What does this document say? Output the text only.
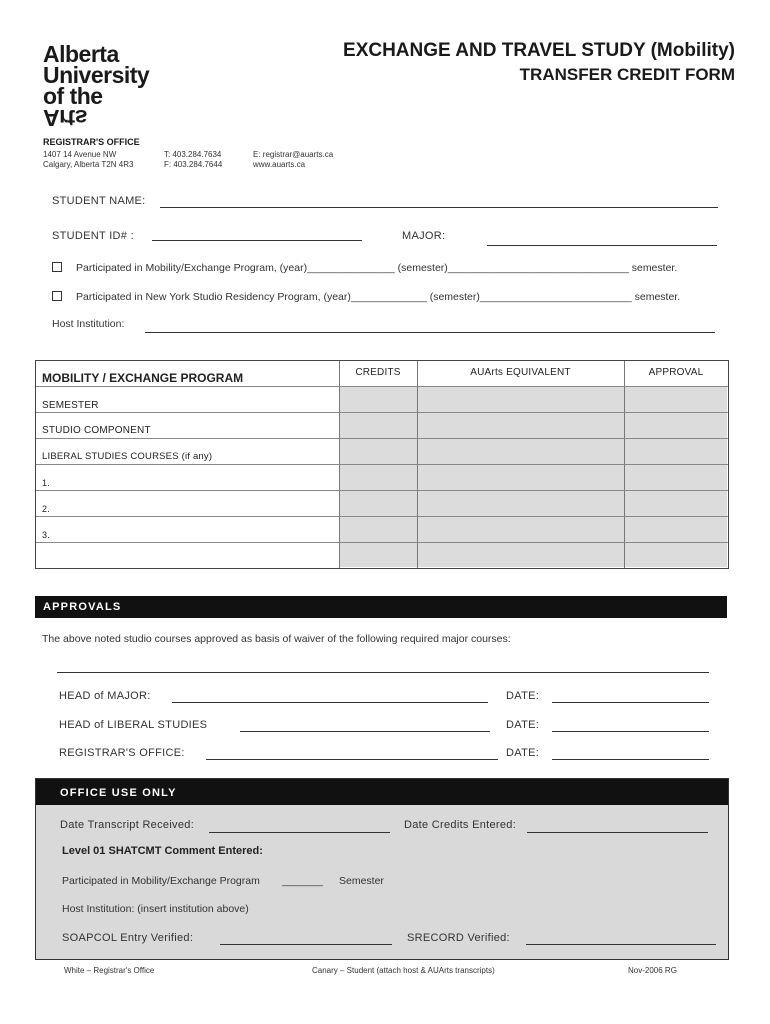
Alberta
University
of the
Arts
EXCHANGE AND TRAVEL STUDY (Mobility)
TRANSFER CREDIT FORM
REGISTRAR'S OFFICE
1407 14 Avenue NW
Calgary, Alberta T2N 4R3
T: 403.284.7634
F: 403.284.7644
E: registrar@auarts.ca
www.auarts.ca
STUDENT NAME:
STUDENT ID# :	MAJOR:
Participated in Mobility/Exchange Program, (year)_______________ (semester)_______________________________ semester.
Participated in New York Studio Residency Program, (year)_____________ (semester)__________________________ semester.
Host Institution:
MOBILITY / EXCHANGE PROGRAM	CREDITS	AUArts EQUIVALENT	APPROVAL
SEMESTER
STUDIO COMPONENT
LIBERAL STUDIES COURSES (if any)
1.
2.
3.
APPROVALS
The above noted studio courses approved as basis of waiver of the following required major courses:
HEAD of MAJOR:	DATE:
HEAD of LIBERAL STUDIES	DATE:
REGISTRAR'S OFFICE:	DATE:
OFFICE USE ONLY
Date Transcript Received:	Date Credits Entered:
Level 01 SHATCMT Comment Entered:
Participated in Mobility/Exchange Program _______ Semester
Host Institution: (insert institution above)
SOAPCOL Entry Verified:	SRECORD Verified:
White – Registrar's Office	Canary – Student (attach host & AUArts transcripts)	Nov-2006 RG
